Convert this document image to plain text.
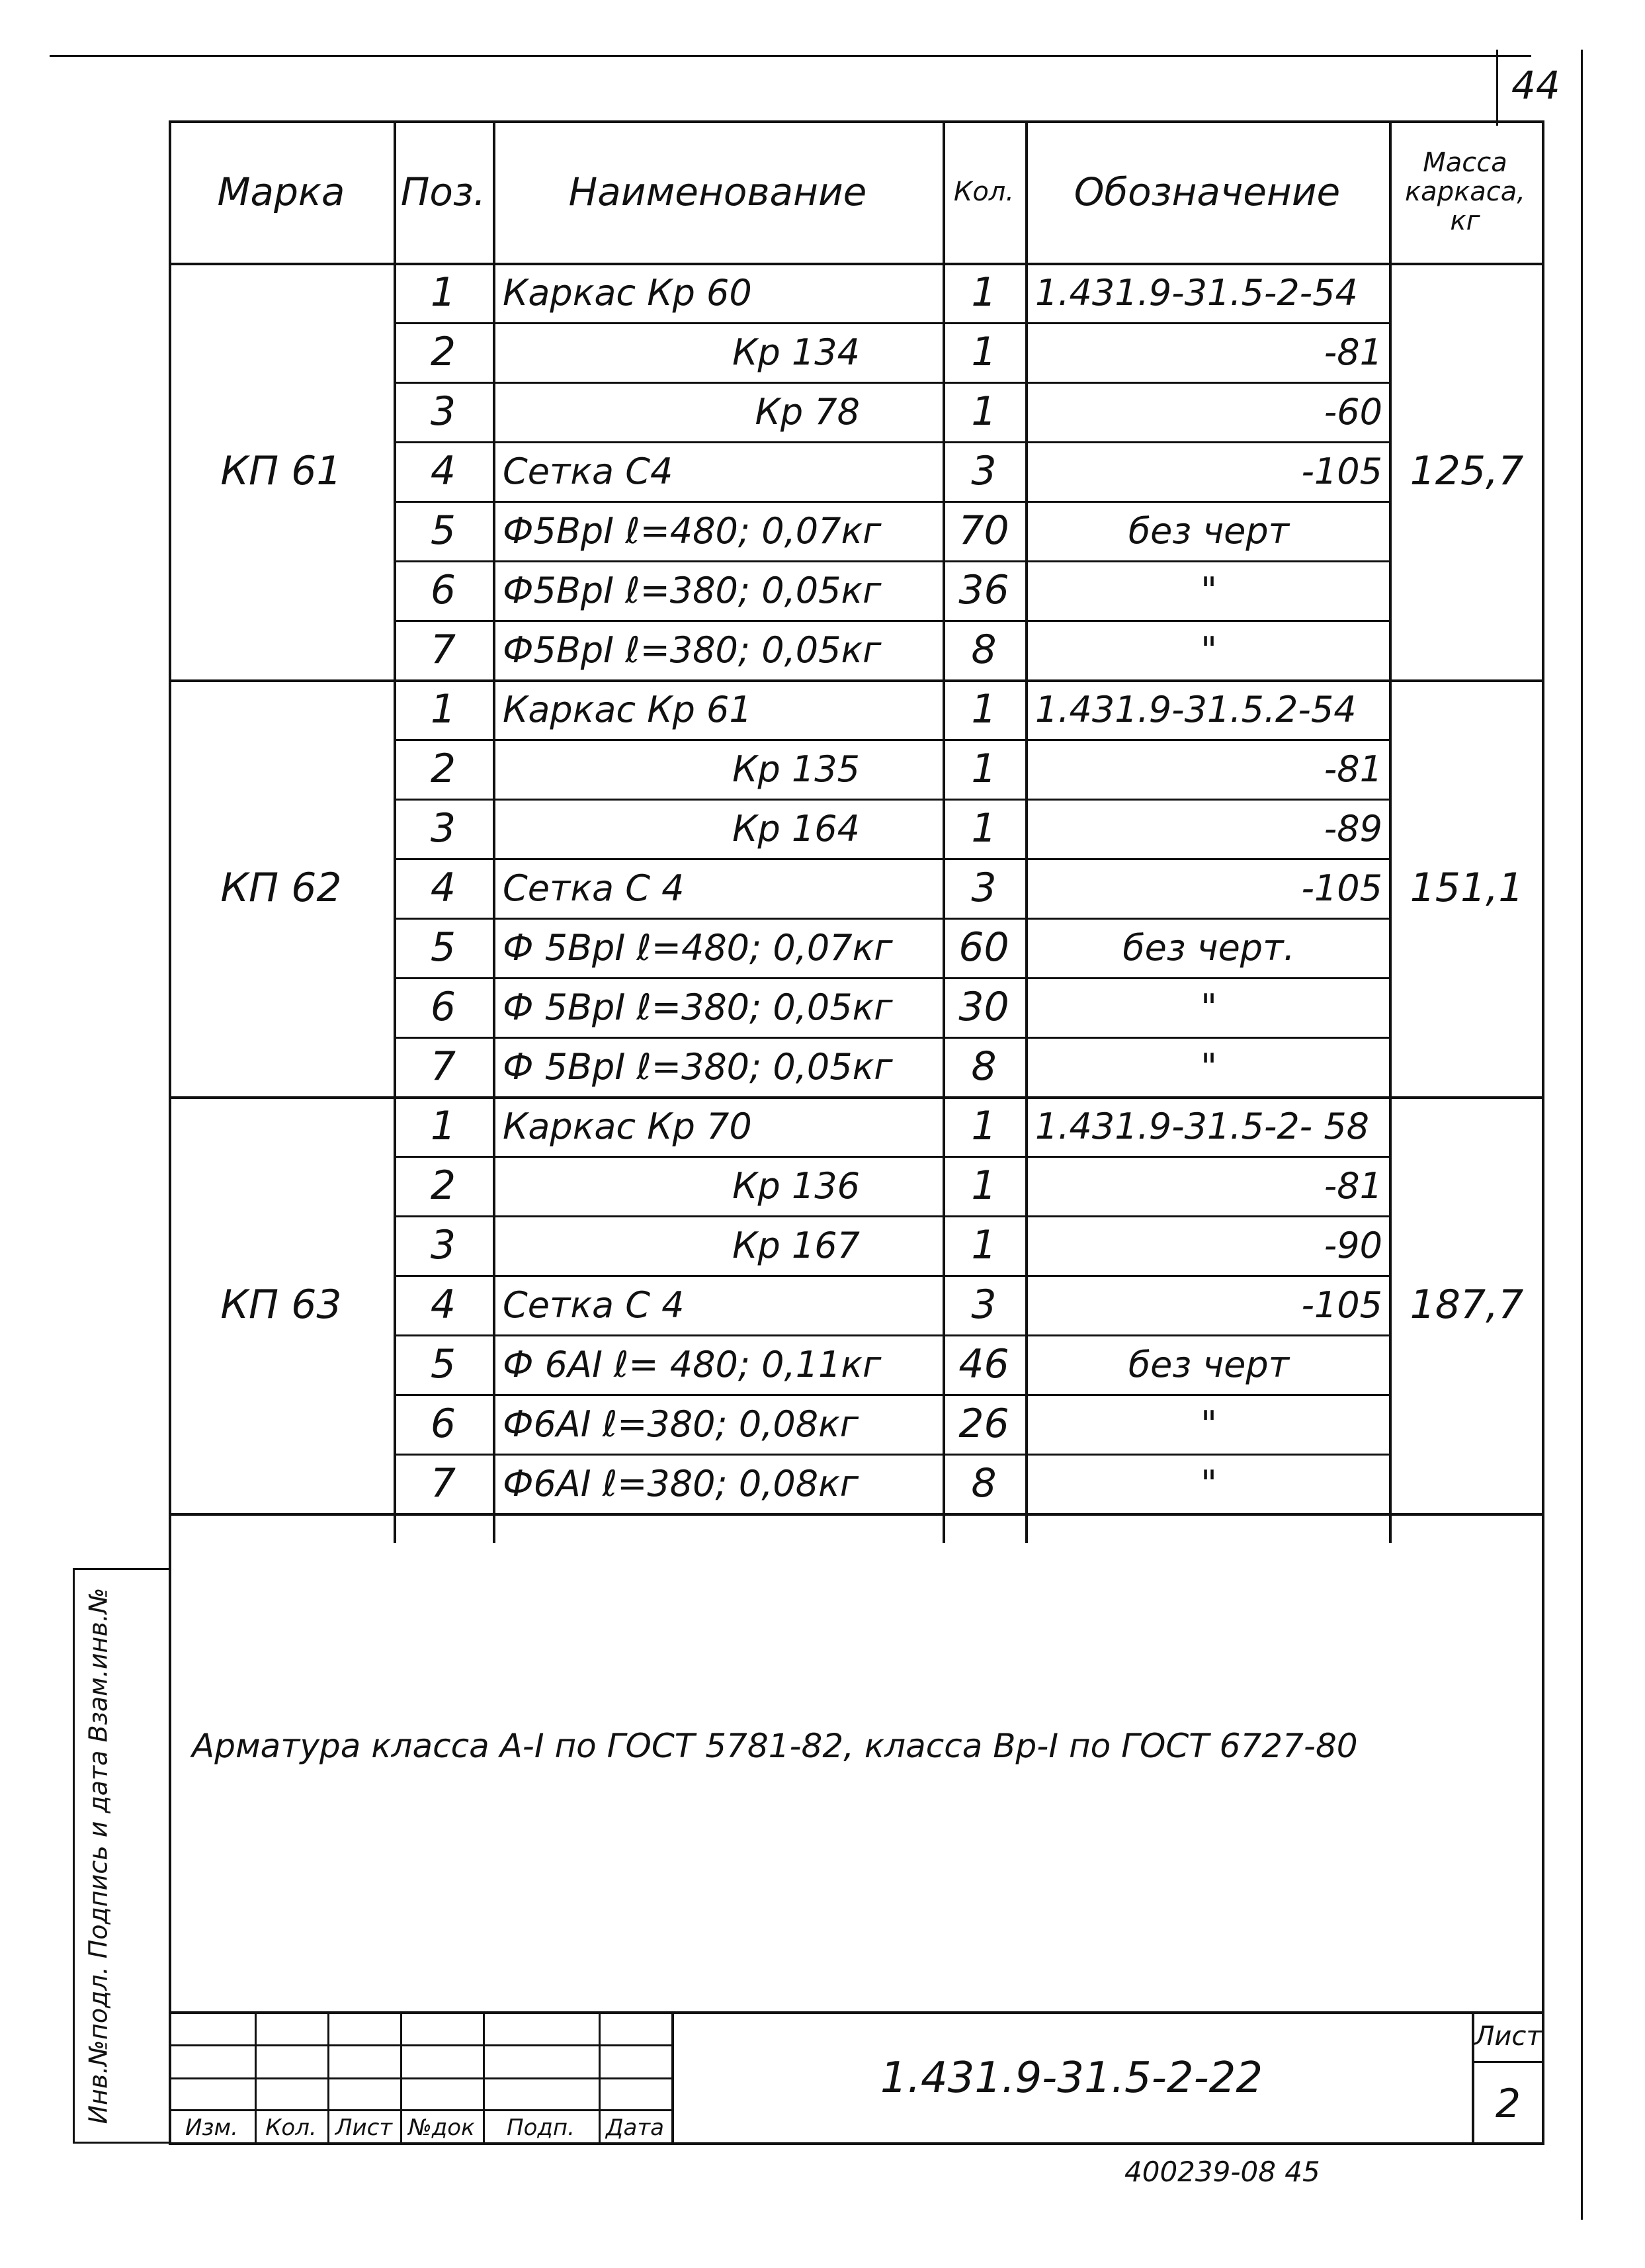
44
Марка	Поз.	Наименование	Кол.	Обозначение
Масса каркаса, кг
КП 61	125,7
1	Каркас Кр 60	1	1.431.9-31.5-2-54
2	Кр 134	1	-81
3	Кр 78	1	-60
4	Сетка С4	3	-105
5	Ф5ВрI ℓ=480; 0,07кг	70	без черт
6	Ф5ВрI ℓ=380; 0,05кг	36	"
7	Ф5ВрI ℓ=380; 0,05кг	8	"
КП 62	151,1
1	Каркас Кр 61	1	1.431.9-31.5.2-54
2	Кр 135	1	-81
3	Кр 164	1	-89
4	Сетка С 4	3	-105
5	Ф 5ВрI ℓ=480; 0,07кг	60	без черт.
6	Ф 5ВрI ℓ=380; 0,05кг	30	"
7	Ф 5ВрI ℓ=380; 0,05кг	8	"
КП 63	187,7
1	Каркас Кр 70	1	1.431.9-31.5-2- 58
2	Кр 136	1	-81
3	Кр 167	1	-90
4	Сетка С 4	3	-105
5	Ф 6АI ℓ= 480; 0,11кг	46	без черт
6	Ф6АI ℓ=380; 0,08кг	26	"
7	Ф6АI ℓ=380; 0,08кг	8	"
Арматура класса А-I по ГОСТ 5781-82, класса Вр-I по ГОСТ 6727-80
Инв.№подл. Подпись и дата Взам.инв.№
Изм.	Кол. Лист №док	Подп.	Дата
1.431.9-31.5-2-22
Лист
2
400239-08 45
